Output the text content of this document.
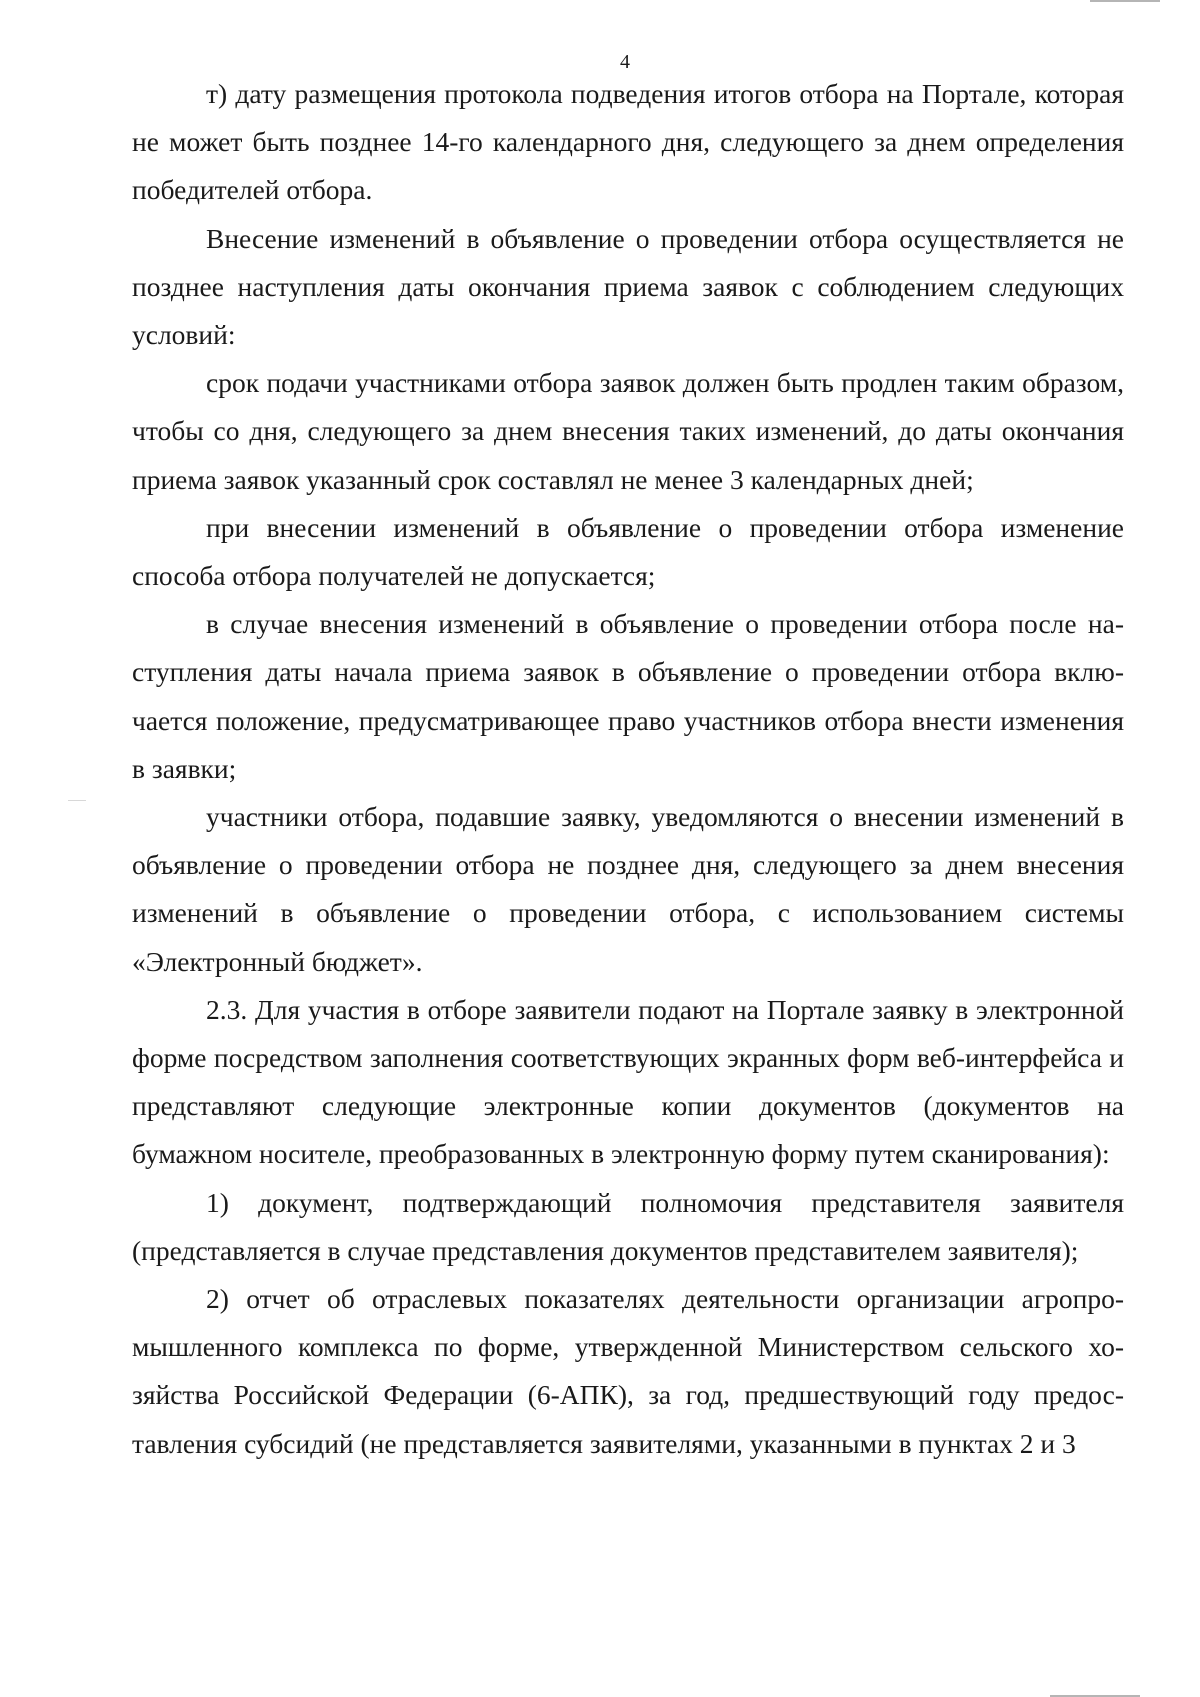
4

т) дату размещения протокола подведения итогов отбора на Портале, которая не может быть позднее 14-го календарного дня, следующего за днем определения победителей отбора.

Внесение изменений в объявление о проведении отбора осуществляется не позднее наступления даты окончания приема заявок с соблюдением следующих условий:

срок подачи участниками отбора заявок должен быть продлен таким образом, чтобы со дня, следующего за днем внесения таких изменений, до даты окончания приема заявок указанный срок составлял не менее 3 календарных дней;

при внесении изменений в объявление о проведении отбора изменение способа отбора получателей не допускается;

в случае внесения изменений в объявление о проведении отбора после наступления даты начала приема заявок в объявление о проведении отбора включается положение, предусматривающее право участников отбора внести изменения в заявки;

участники отбора, подавшие заявку, уведомляются о внесении изменений в объявление о проведении отбора не позднее дня, следующего за днем внесения изменений в объявление о проведении отбора, с использованием системы «Электронный бюджет».

2.3. Для участия в отборе заявители подают на Портале заявку в электронной форме посредством заполнения соответствующих экранных форм веб-интерфейса и представляют следующие электронные копии документов (документов на бумажном носителе, преобразованных в электронную форму путем сканирования):

1) документ, подтверждающий полномочия представителя заявителя (представляется в случае представления документов представителем заявителя);

2) отчет об отраслевых показателях деятельности организации агропромышленного комплекса по форме, утвержденной Министерством сельского хозяйства Российской Федерации (6-АПК), за год, предшествующий году предоставления субсидий (не представляется заявителями, указанными в пунктах 2 и 3
